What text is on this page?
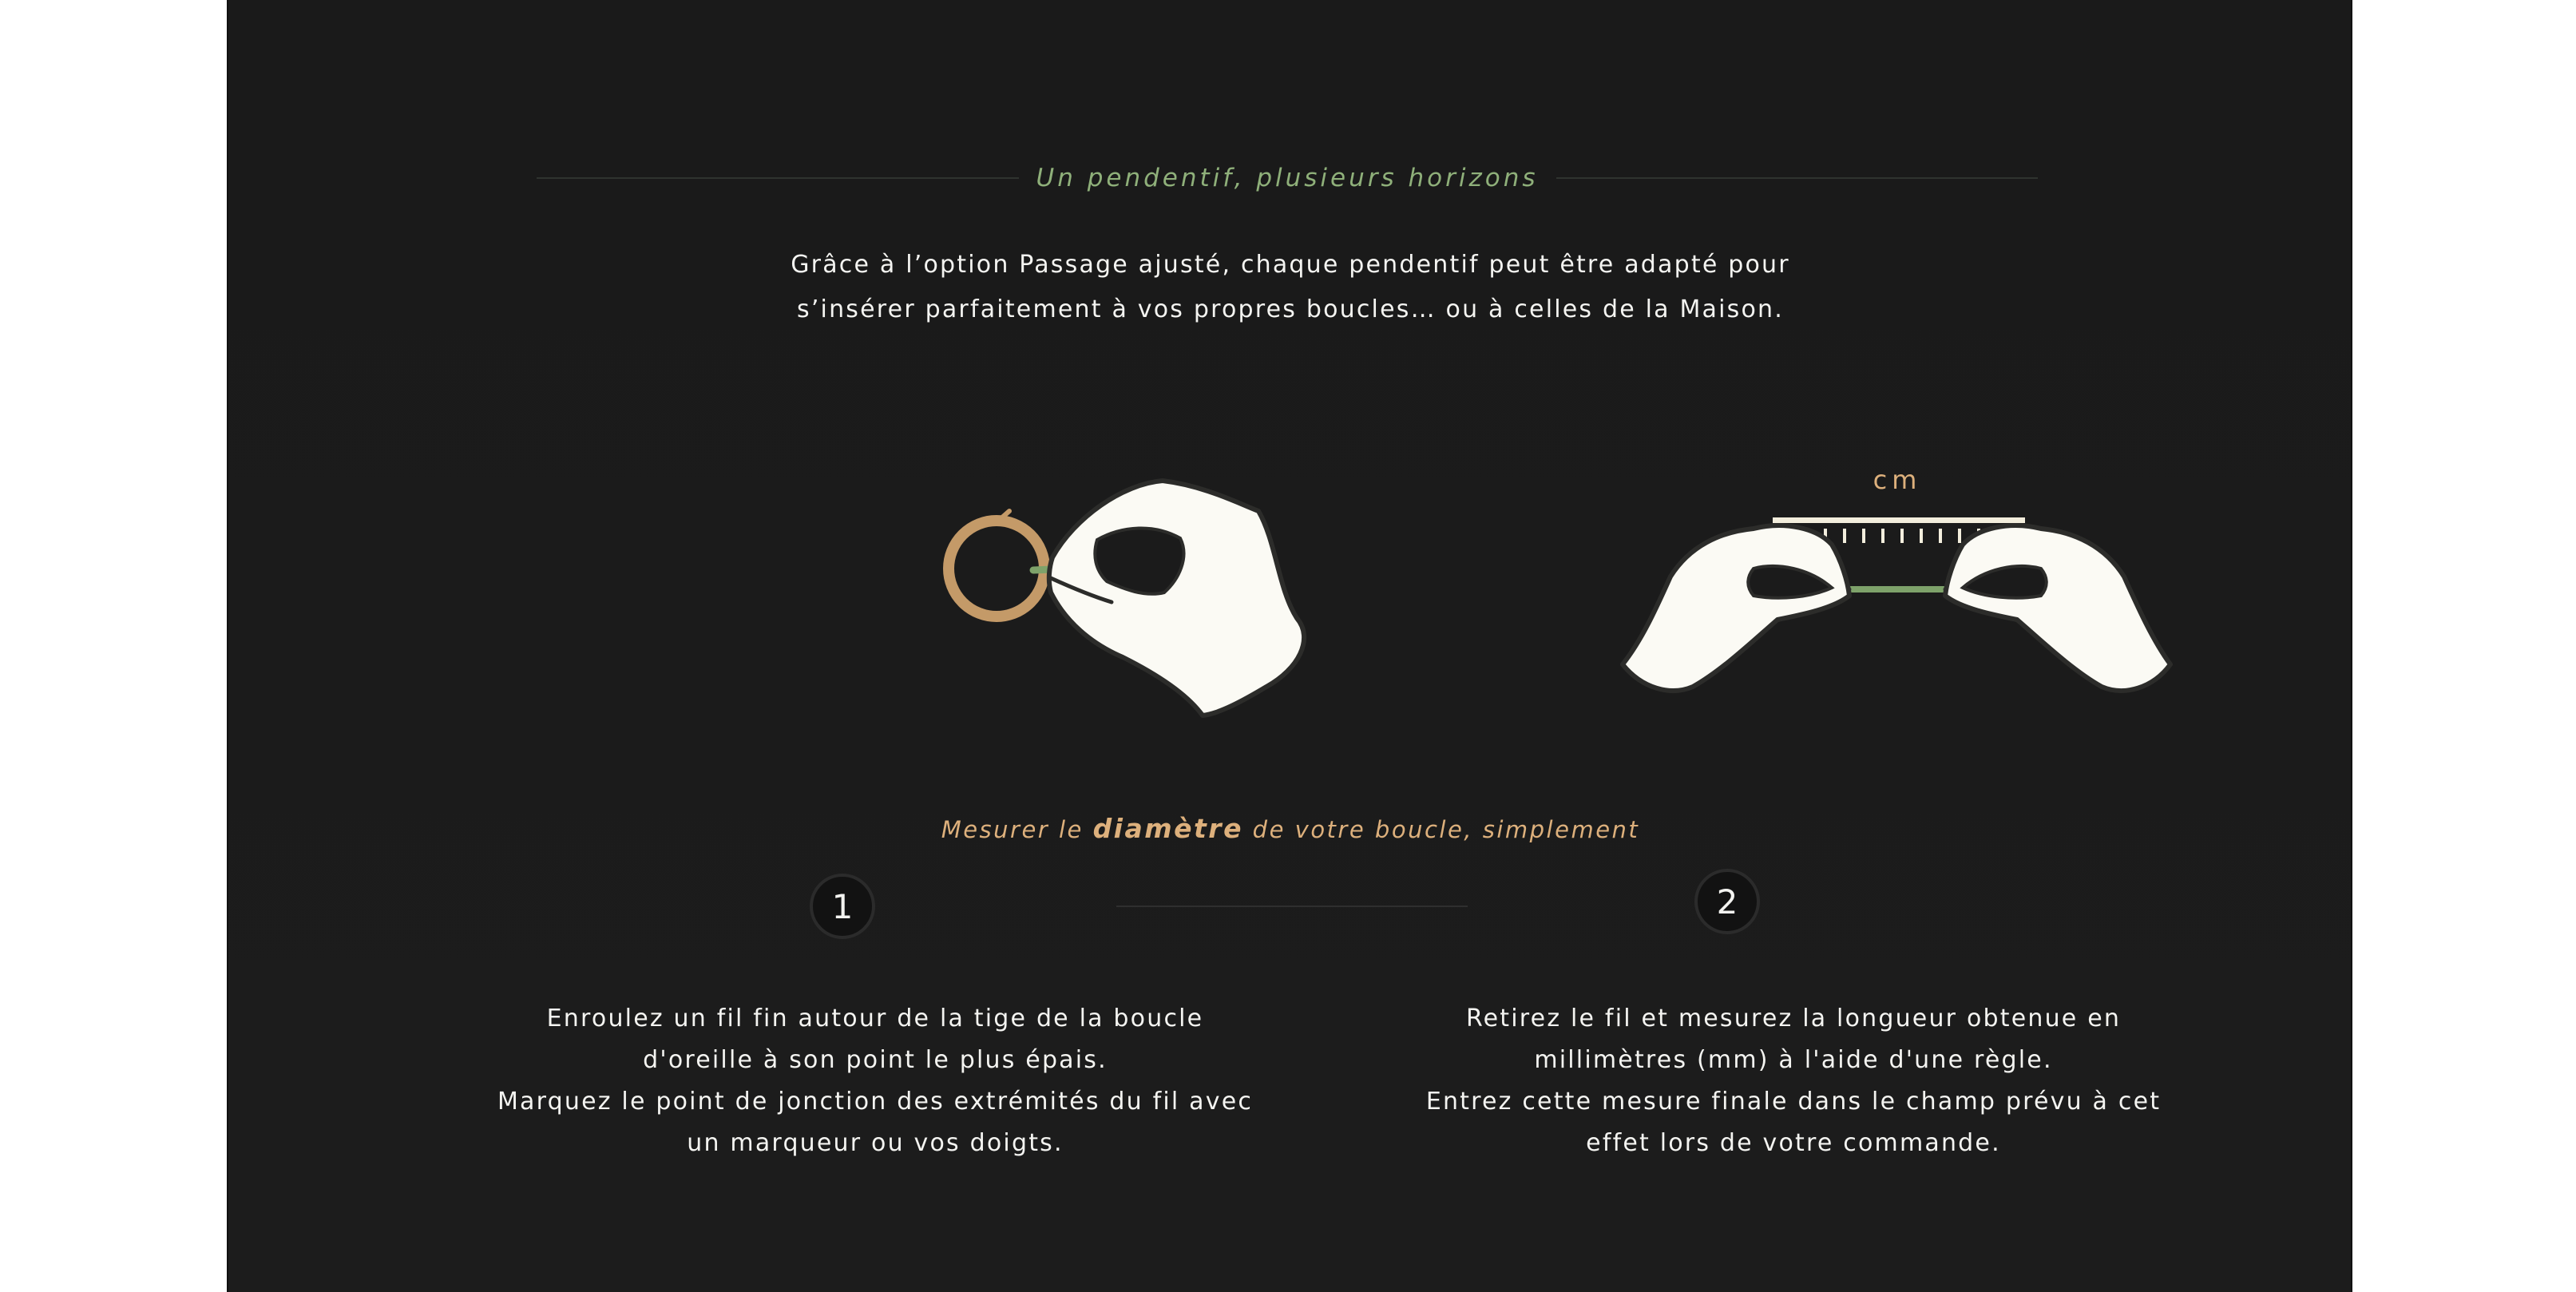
Un pendentif, plusieurs horizons
Grâce à l’option Passage ajusté, chaque pendentif peut être adapté pour
s’insérer parfaitement à vos propres boucles… ou à celles de la Maison.
cm
Mesurer le diamètre de votre boucle, simplement
1	2
Enroulez un fil fin autour de la tige de la boucle
d'oreille à son point le plus épais.
Marquez le point de jonction des extrémités du fil avec
un marqueur ou vos doigts.
Retirez le fil et mesurez la longueur obtenue en
millimètres (mm) à l'aide d'une règle.
Entrez cette mesure finale dans le champ prévu à cet
effet lors de votre commande.
